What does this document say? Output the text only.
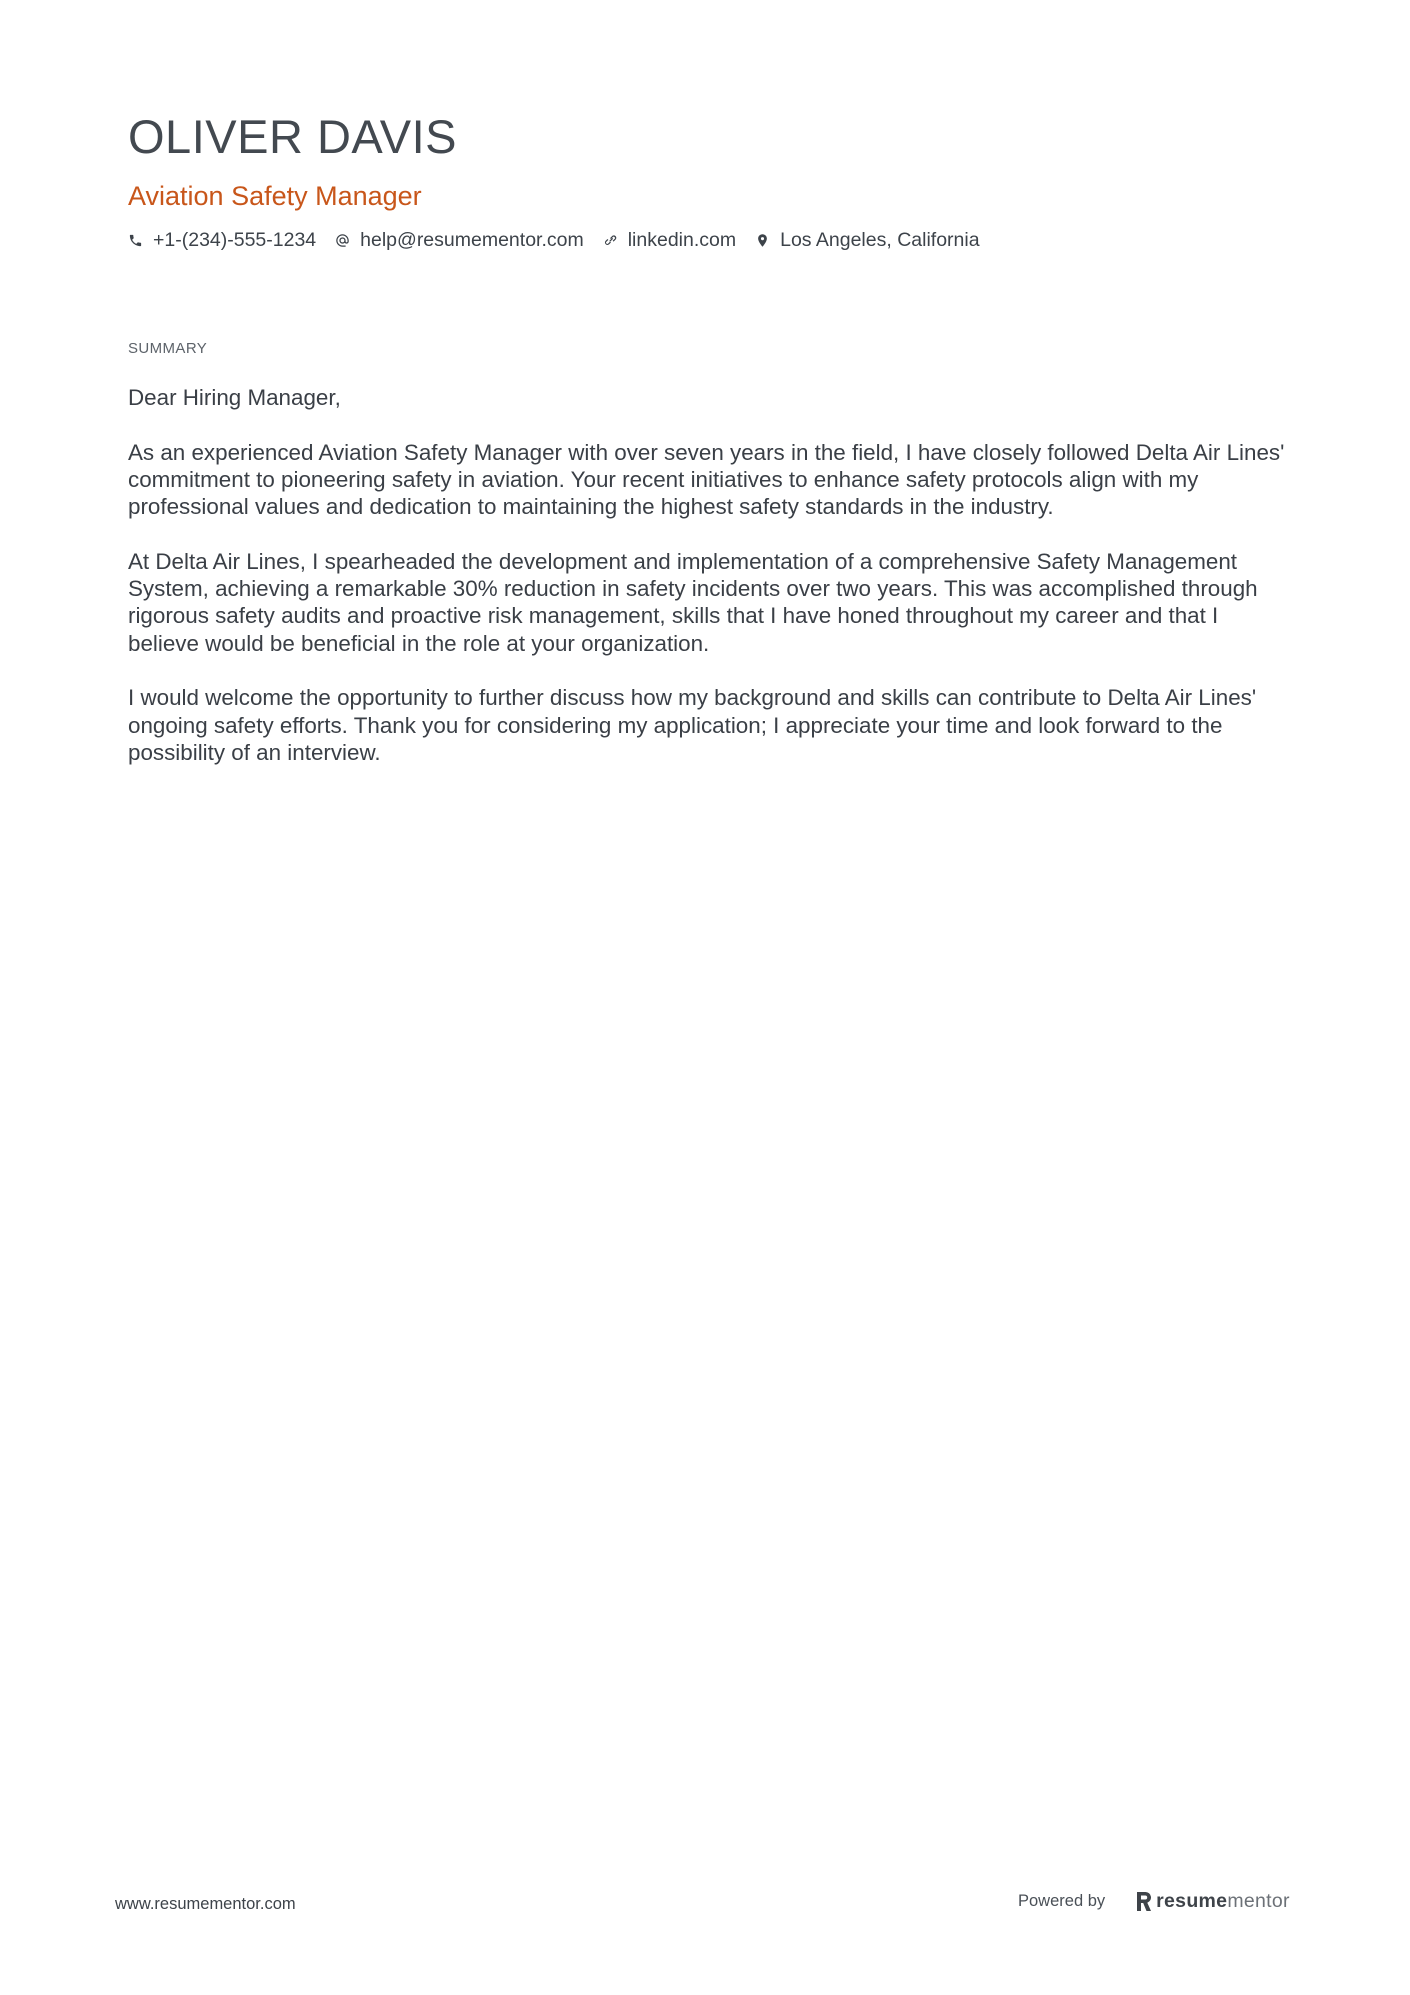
OLIVER DAVIS
Aviation Safety Manager
+1-(234)-555-1234 help@resumementor.com linkedin.com Los Angeles, California
SUMMARY

Dear Hiring Manager,

As an experienced Aviation Safety Manager with over seven years in the field, I have closely followed Delta Air Lines' commitment to pioneering safety in aviation. Your recent initiatives to enhance safety protocols align with my professional values and dedication to maintaining the highest safety standards in the industry.

At Delta Air Lines, I spearheaded the development and implementation of a comprehensive Safety Management System, achieving a remarkable 30% reduction in safety incidents over two years. This was accomplished through rigorous safety audits and proactive risk management, skills that I have honed throughout my career and that I believe would be beneficial in the role at your organization.

I would welcome the opportunity to further discuss how my background and skills can contribute to Delta Air Lines' ongoing safety efforts. Thank you for considering my application; I appreciate your time and look forward to the possibility of an interview.

www.resumementor.com	Powered by	resumementor
